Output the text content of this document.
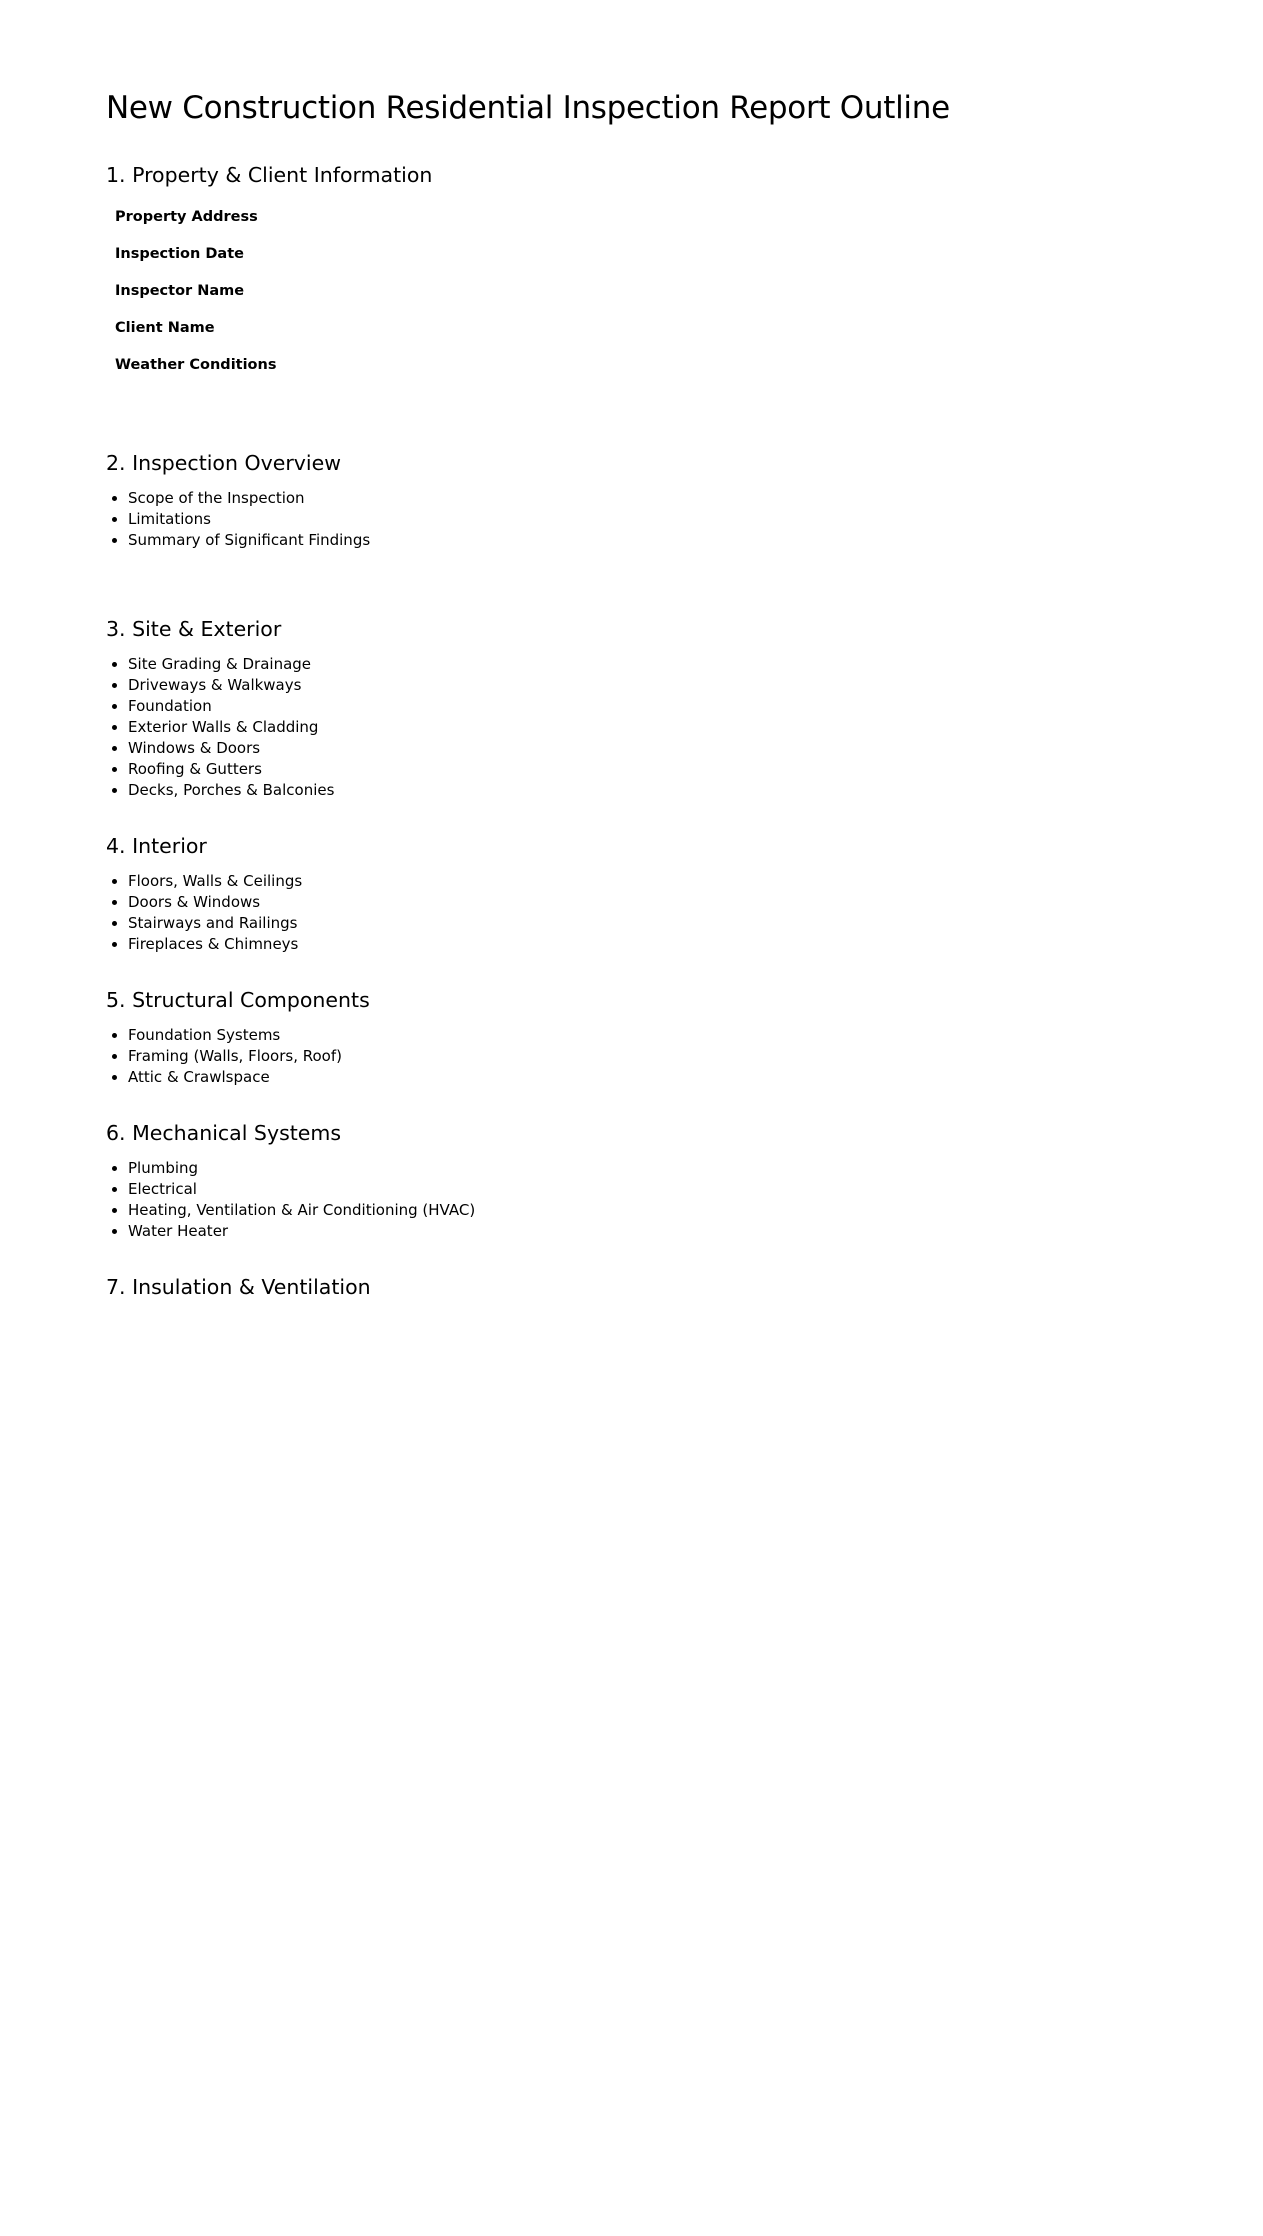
New Construction Residential Inspection Report Outline
1. Property & Client Information
Property Address
Inspection Date
Inspector Name
Client Name
Weather Conditions
2. Inspection Overview
• Scope of the Inspection
• Limitations
• Summary of Significant Findings
3. Site & Exterior
• Site Grading & Drainage
• Driveways & Walkways
• Foundation
• Exterior Walls & Cladding
• Windows & Doors
• Roofing & Gutters
• Decks, Porches & Balconies
4. Interior
• Floors, Walls & Ceilings
• Doors & Windows
• Stairways and Railings
• Fireplaces & Chimneys
5. Structural Components
• Foundation Systems
• Framing (Walls, Floors, Roof)
• Attic & Crawlspace
6. Mechanical Systems
• Plumbing
• Electrical
• Heating, Ventilation & Air Conditioning (HVAC)
• Water Heater
7. Insulation & Ventilation
